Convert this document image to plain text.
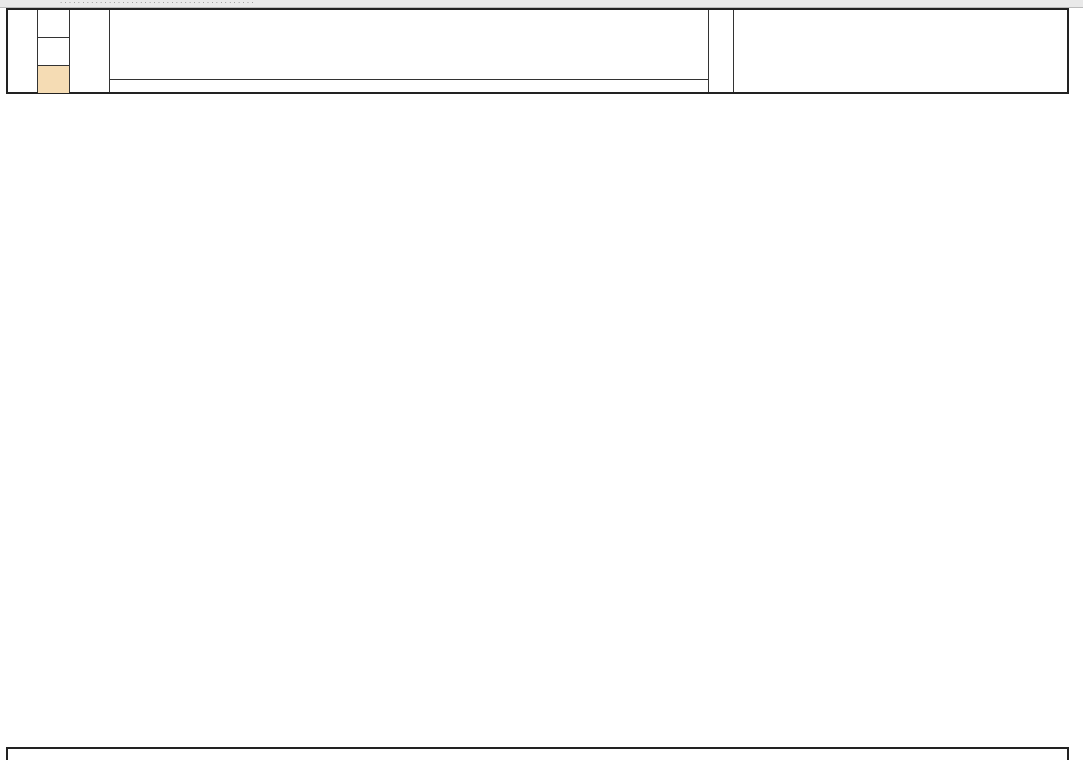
· · · · · · · · · · · · · · · · · · · · · · · · · · · · · · · · · · · · · · · · · · · ·
